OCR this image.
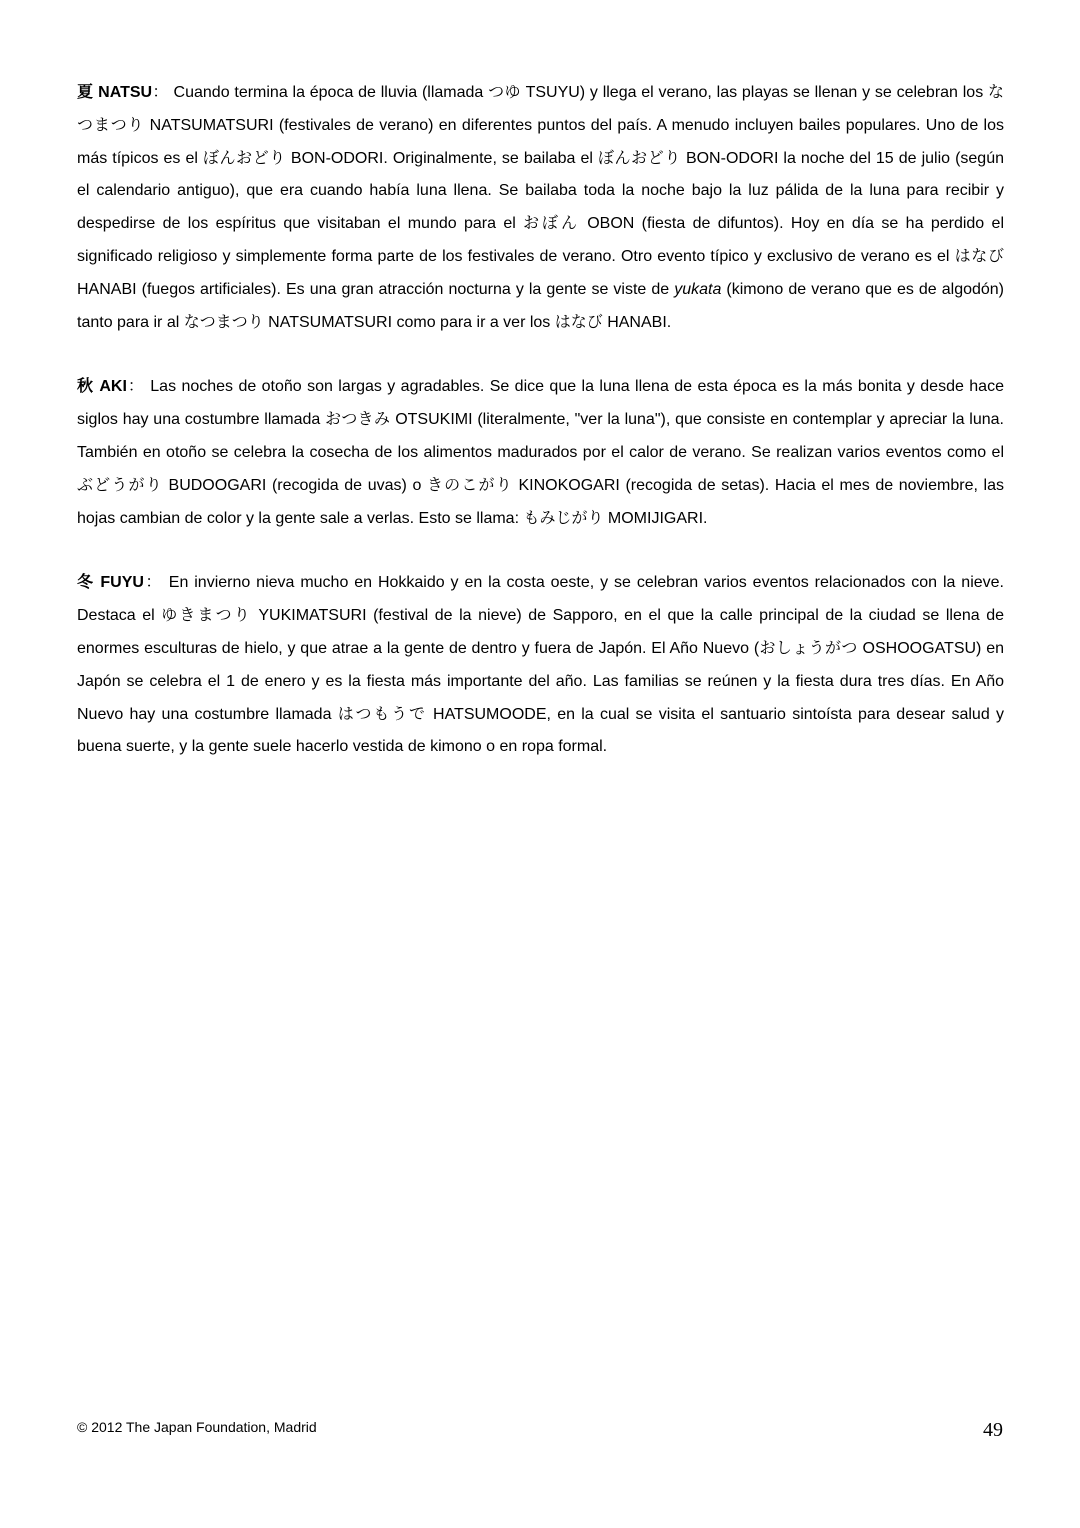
夏 NATSU： Cuando termina la época de lluvia (llamada つゆ TSUYU) y llega el verano, las playas se llenan y se celebran los なつまつり NATSUMATSURI (festivales de verano) en diferentes puntos del país. A menudo incluyen bailes populares. Uno de los más típicos es el ぼんおどり BON-ODORI. Originalmente, se bailaba el ぼんおどり BON-ODORI la noche del 15 de julio (según el calendario antiguo), que era cuando había luna llena. Se bailaba toda la noche bajo la luz pálida de la luna para recibir y despedirse de los espíritus que visitaban el mundo para el おぼん OBON (fiesta de difuntos). Hoy en día se ha perdido el significado religioso y simplemente forma parte de los festivales de verano. Otro evento típico y exclusivo de verano es el はなび HANABI (fuegos artificiales). Es una gran atracción nocturna y la gente se viste de yukata (kimono de verano que es de algodón) tanto para ir al なつまつり NATSUMATSURI como para ir a ver los はなび HANABI.

秋 AKI： Las noches de otoño son largas y agradables. Se dice que la luna llena de esta época es la más bonita y desde hace siglos hay una costumbre llamada おつきみ OTSUKIMI (literalmente, "ver la luna"), que consiste en contemplar y apreciar la luna. También en otoño se celebra la cosecha de los alimentos madurados por el calor de verano. Se realizan varios eventos como el ぶどうがり BUDOOGARI (recogida de uvas) o きのこがり KINOKOGARI (recogida de setas). Hacia el mes de noviembre, las hojas cambian de color y la gente sale a verlas. Esto se llama: もみじがり MOMIJIGARI.

冬 FUYU： En invierno nieva mucho en Hokkaido y en la costa oeste, y se celebran varios eventos relacionados con la nieve. Destaca el ゆきまつり YUKIMATSURI (festival de la nieve) de Sapporo, en el que la calle principal de la ciudad se llena de enormes esculturas de hielo, y que atrae a la gente de dentro y fuera de Japón. El Año Nuevo (おしょうがつ OSHOOGATSU) en Japón se celebra el 1 de enero y es la fiesta más importante del año. Las familias se reúnen y la fiesta dura tres días. En Año Nuevo hay una costumbre llamada はつもうで HATSUMOODE, en la cual se visita el santuario sintoísta para desear salud y buena suerte, y la gente suele hacerlo vestida de kimono o en ropa formal.

© 2012 The Japan Foundation, Madrid	49
